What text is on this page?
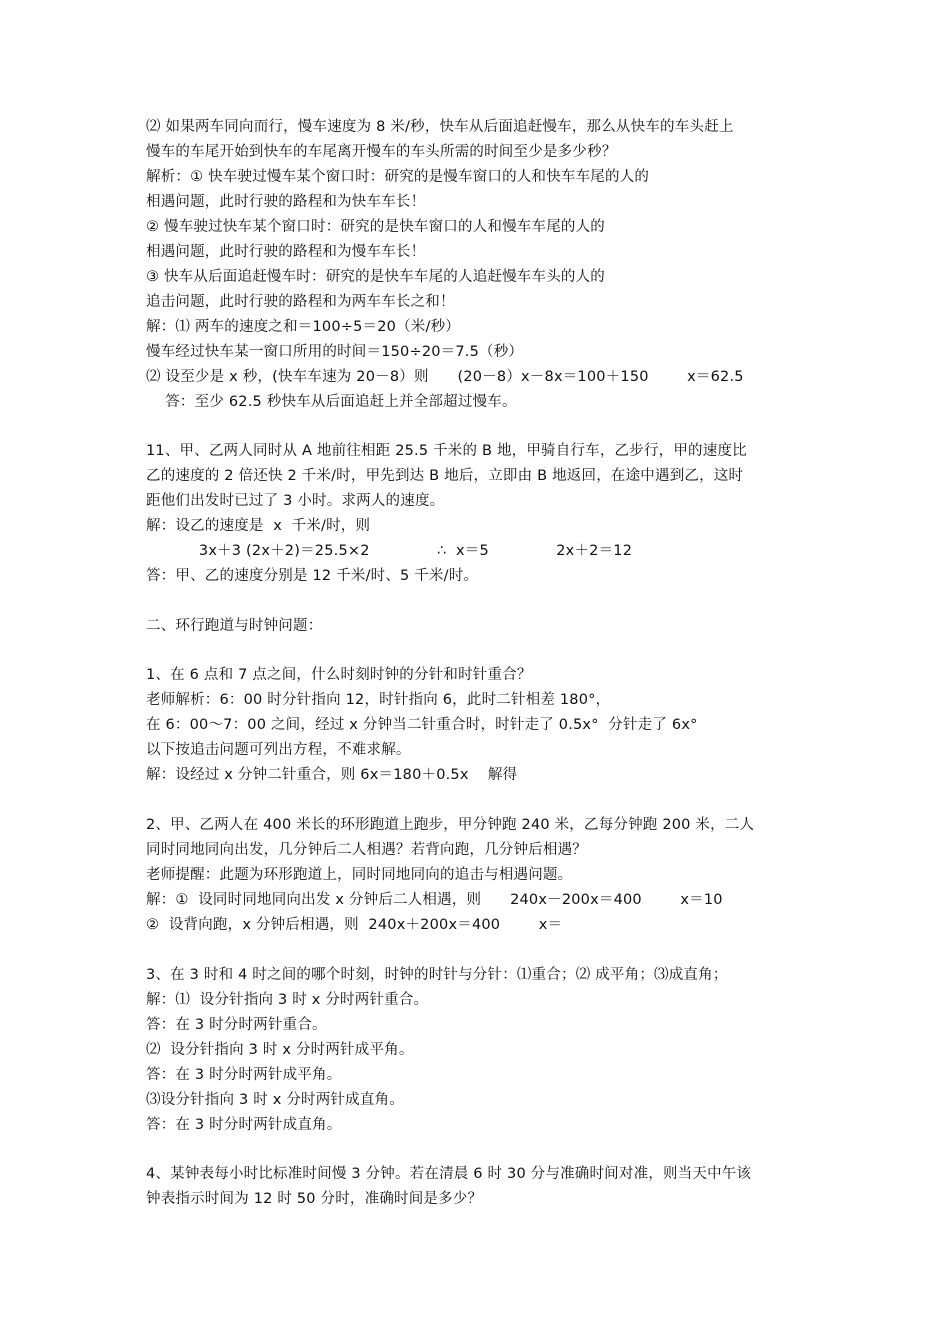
⑵ 如果两车同向而行，慢车速度为 8 米/秒，快车从后面追赶慢车，那么从快车的车头赶上
慢车的车尾开始到快车的车尾离开慢车的车头所需的时间至少是多少秒？
解析：① 快车驶过慢车某个窗口时：研究的是慢车窗口的人和快车车尾的人的
相遇问题，此时行驶的路程和为快车车长！
② 慢车驶过快车某个窗口时：研究的是快车窗口的人和慢车车尾的人的
相遇问题，此时行驶的路程和为慢车车长！
③ 快车从后面追赶慢车时：研究的是快车车尾的人追赶慢车车头的人的
追击问题，此时行驶的路程和为两车车长之和！
解：⑴ 两车的速度之和＝100÷5＝20（米/秒）
慢车经过快车某一窗口所用的时间＝150÷20＝7.5（秒）
⑵ 设至少是 x 秒，(快车车速为 20－8）则      (20－8）x－8x＝100＋150        x＝62.5
答：至少 62.5 秒快车从后面追赶上并全部超过慢车。
11、甲、乙两人同时从 A 地前往相距 25.5 千米的 B 地，甲骑自行车，乙步行，甲的速度比
乙的速度的 2 倍还快 2 千米/时，甲先到达 B 地后，立即由 B 地返回，在途中遇到乙，这时
距他们出发时已过了 3 小时。求两人的速度。
解：设乙的速度是  x  千米/时，则
3x＋3 (2x＋2)＝25.5×2              ∴  x＝5              2x＋2＝12
答：甲、乙的速度分别是 12 千米/时、5 千米/时。
二、环行跑道与时钟问题：
1、在 6 点和 7 点之间，什么时刻时钟的分针和时针重合？
老师解析：6：00 时分针指向 12，时针指向 6，此时二针相差 180°，
在 6：00～7：00 之间，经过 x 分钟当二针重合时，时针走了 0.5x°  分针走了 6x°
以下按追击问题可列出方程，不难求解。
解：设经过 x 分钟二针重合，则 6x＝180＋0.5x    解得
2、甲、乙两人在 400 米长的环形跑道上跑步，甲分钟跑 240 米，乙每分钟跑 200 米，二人
同时同地同向出发，几分钟后二人相遇？若背向跑，几分钟后相遇？
老师提醒：此题为环形跑道上，同时同地同向的追击与相遇问题。
解：①  设同时同地同向出发 x 分钟后二人相遇，则      240x－200x＝400        x＝10
②  设背向跑，x 分钟后相遇，则  240x＋200x＝400        x＝
3、在 3 时和 4 时之间的哪个时刻，时钟的时针与分针：⑴重合；⑵ 成平角；⑶成直角；
解：⑴  设分针指向 3 时 x 分时两针重合。
答：在 3 时分时两针重合。
⑵  设分针指向 3 时 x 分时两针成平角。
答：在 3 时分时两针成平角。
⑶设分针指向 3 时 x 分时两针成直角。
答：在 3 时分时两针成直角。
4、某钟表每小时比标准时间慢 3 分钟。若在清晨 6 时 30 分与准确时间对准，则当天中午该
钟表指示时间为 12 时 50 分时，准确时间是多少？
